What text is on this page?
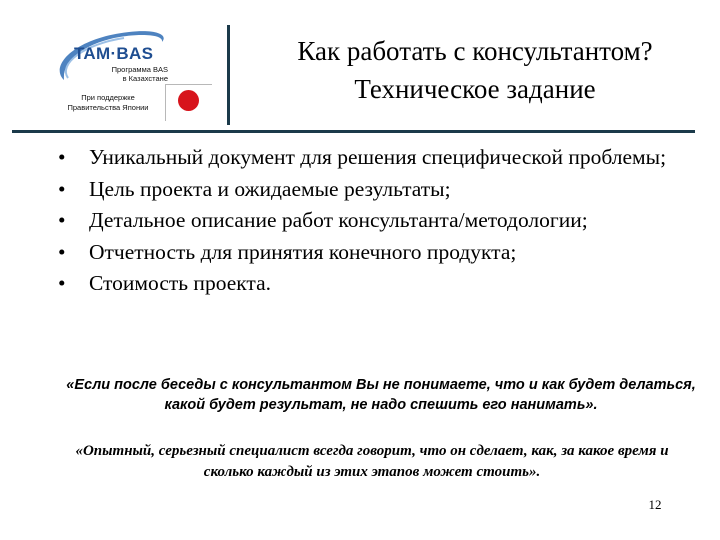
TAM·BAS
Программа BAS
в Казахстане
При поддержке
Правительства Японии
Как работать с консультантом?
Техническое задание
•	Уникальный документ для решения специфической проблемы;
•	Цель проекта и ожидаемые результаты;
•	Детальное описание работ консультанта/методологии;
•	Отчетность для принятия конечного продукта;
•	Стоимость проекта.
«Если после беседы с консультантом Вы не понимаете, что и как будет делаться, какой будет результат, не надо спешить его нанимать».
«Опытный, серьезный специалист всегда говорит, что он сделает, как, за какое время и сколько каждый из этих этапов может стоить».
12
